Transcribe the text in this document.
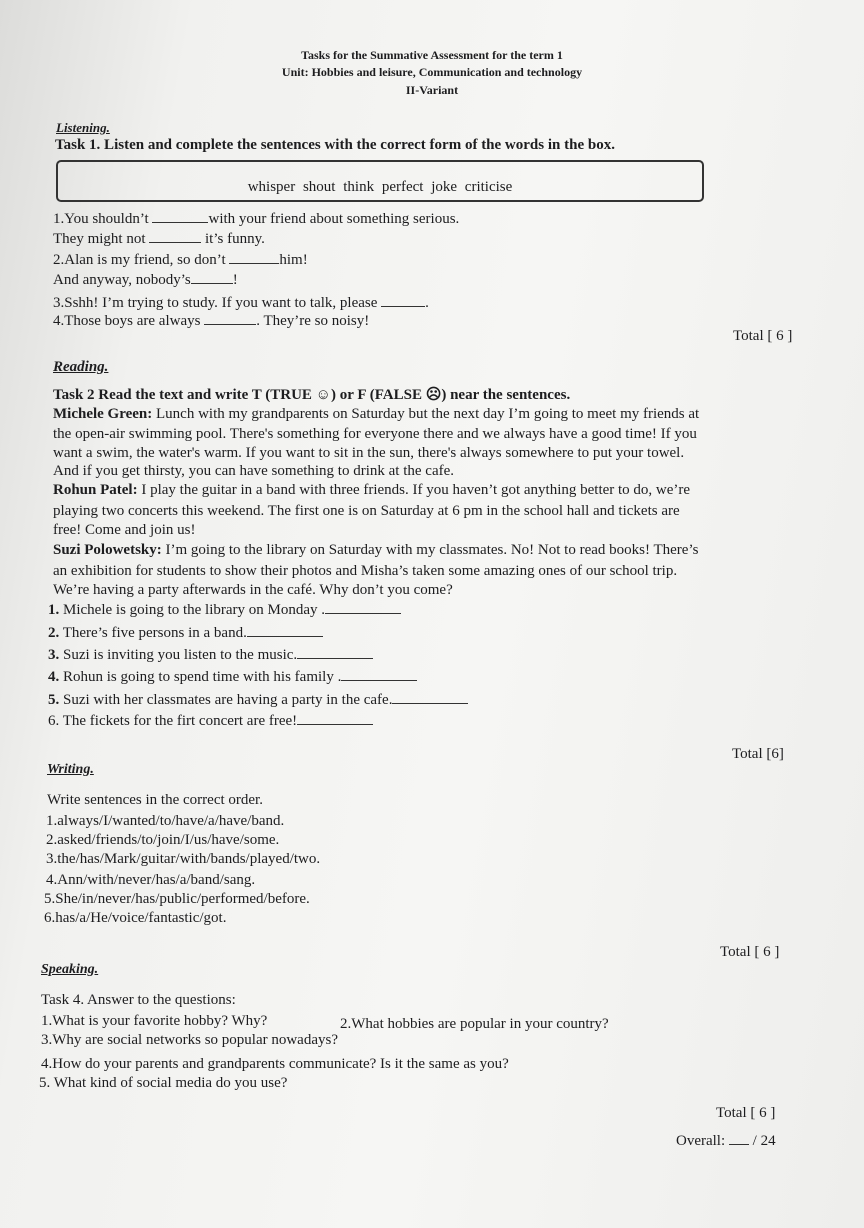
Tasks for the Summative Assessment for the term 1
Unit: Hobbies and leisure, Communication and technology
II-Variant
Listening.
Task 1. Listen and complete the sentences with the correct form of the words in the box.
whisper shout think perfect joke criticise
1.You shouldn’t	with your friend about something serious.
They might not	it’s funny.
2.Alan is my friend, so don’t	him!
And anyway, nobody’s	!
3.Sshh! I’m trying to study. If you want to talk, please	.
4.Those boys are always	. They’re so noisy!
Total [ 6 ]
Reading.
Task 2 Read the text and write T (TRUE ☺) or F (FALSE ☹) near the sentences.
Michele Green: Lunch with my grandparents on Saturday but the next day I’m going to meet my friends at
the open-air swimming pool. There's something for everyone there and we always have a good time! If you
want a swim, the water's warm. If you want to sit in the sun, there's always somewhere to put your towel.
And if you get thirsty, you can have something to drink at the cafe.
Rohun Patel: I play the guitar in a band with three friends. If you haven’t got anything better to do, we’re
playing two concerts this weekend. The first one is on Saturday at 6 pm in the school hall and tickets are
free! Come and join us!
Suzi Polowetsky: I’m going to the library on Saturday with my classmates. No! Not to read books! There’s
an exhibition for students to show their photos and Misha’s taken some amazing ones of our school trip.
We’re having a party afterwards in the café. Why don’t you come?
1. Michele is going to the library on Monday .
2. There’s five persons in a band.
3. Suzi is inviting you listen to the music.
4. Rohun is going to spend time with his family .
5. Suzi with her classmates are having a party in the cafe.
6. The fickets for the firt concert are free!
Total [6]
Writing.
Write sentences in the correct order.
1.always/I/wanted/to/have/a/have/band.
2.asked/friends/to/join/I/us/have/some.
3.the/has/Mark/guitar/with/bands/played/two.
4.Ann/with/never/has/a/band/sang.
5.She/in/never/has/public/performed/before.
6.has/a/He/voice/fantastic/got.
Total [ 6 ]
Speaking.
Task 4. Answer to the questions:
1.What is your favorite hobby? Why?	2.What hobbies are popular in your country?
3.Why are social networks so popular nowadays?
4.How do your parents and grandparents communicate? Is it the same as you?
5. What kind of social media do you use?
Total [ 6 ]
Overall: / 24
